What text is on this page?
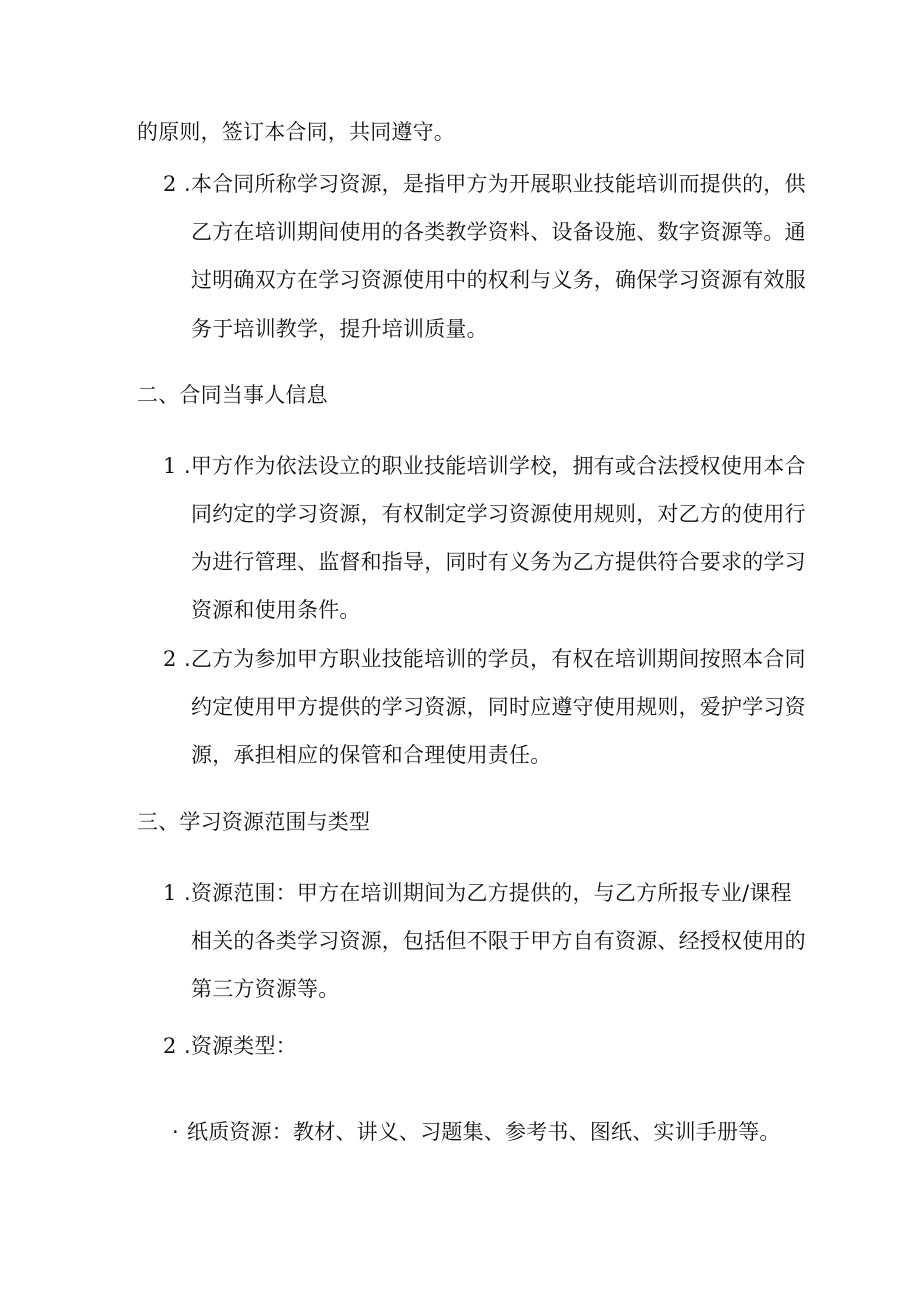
的原则，签订本合同，共同遵守。
2 .本合同所称学习资源，是指甲方为开展职业技能培训而提供的，供
乙方在培训期间使用的各类教学资料、设备设施、数字资源等。通
过明确双方在学习资源使用中的权利与义务，确保学习资源有效服
务于培训教学，提升培训质量。
二、合同当事人信息
1 .甲方作为依法设立的职业技能培训学校，拥有或合法授权使用本合
同约定的学习资源，有权制定学习资源使用规则，对乙方的使用行
为进行管理、监督和指导，同时有义务为乙方提供符合要求的学习
资源和使用条件。
2 .乙方为参加甲方职业技能培训的学员，有权在培训期间按照本合同
约定使用甲方提供的学习资源，同时应遵守使用规则，爱护学习资
源，承担相应的保管和合理使用责任。
三、学习资源范围与类型
1 .资源范围：甲方在培训期间为乙方提供的，与乙方所报专业/课程
相关的各类学习资源，包括但不限于甲方自有资源、经授权使用的
第三方资源等。
2 .资源类型：
· 纸质资源：教材、讲义、习题集、参考书、图纸、实训手册等。
